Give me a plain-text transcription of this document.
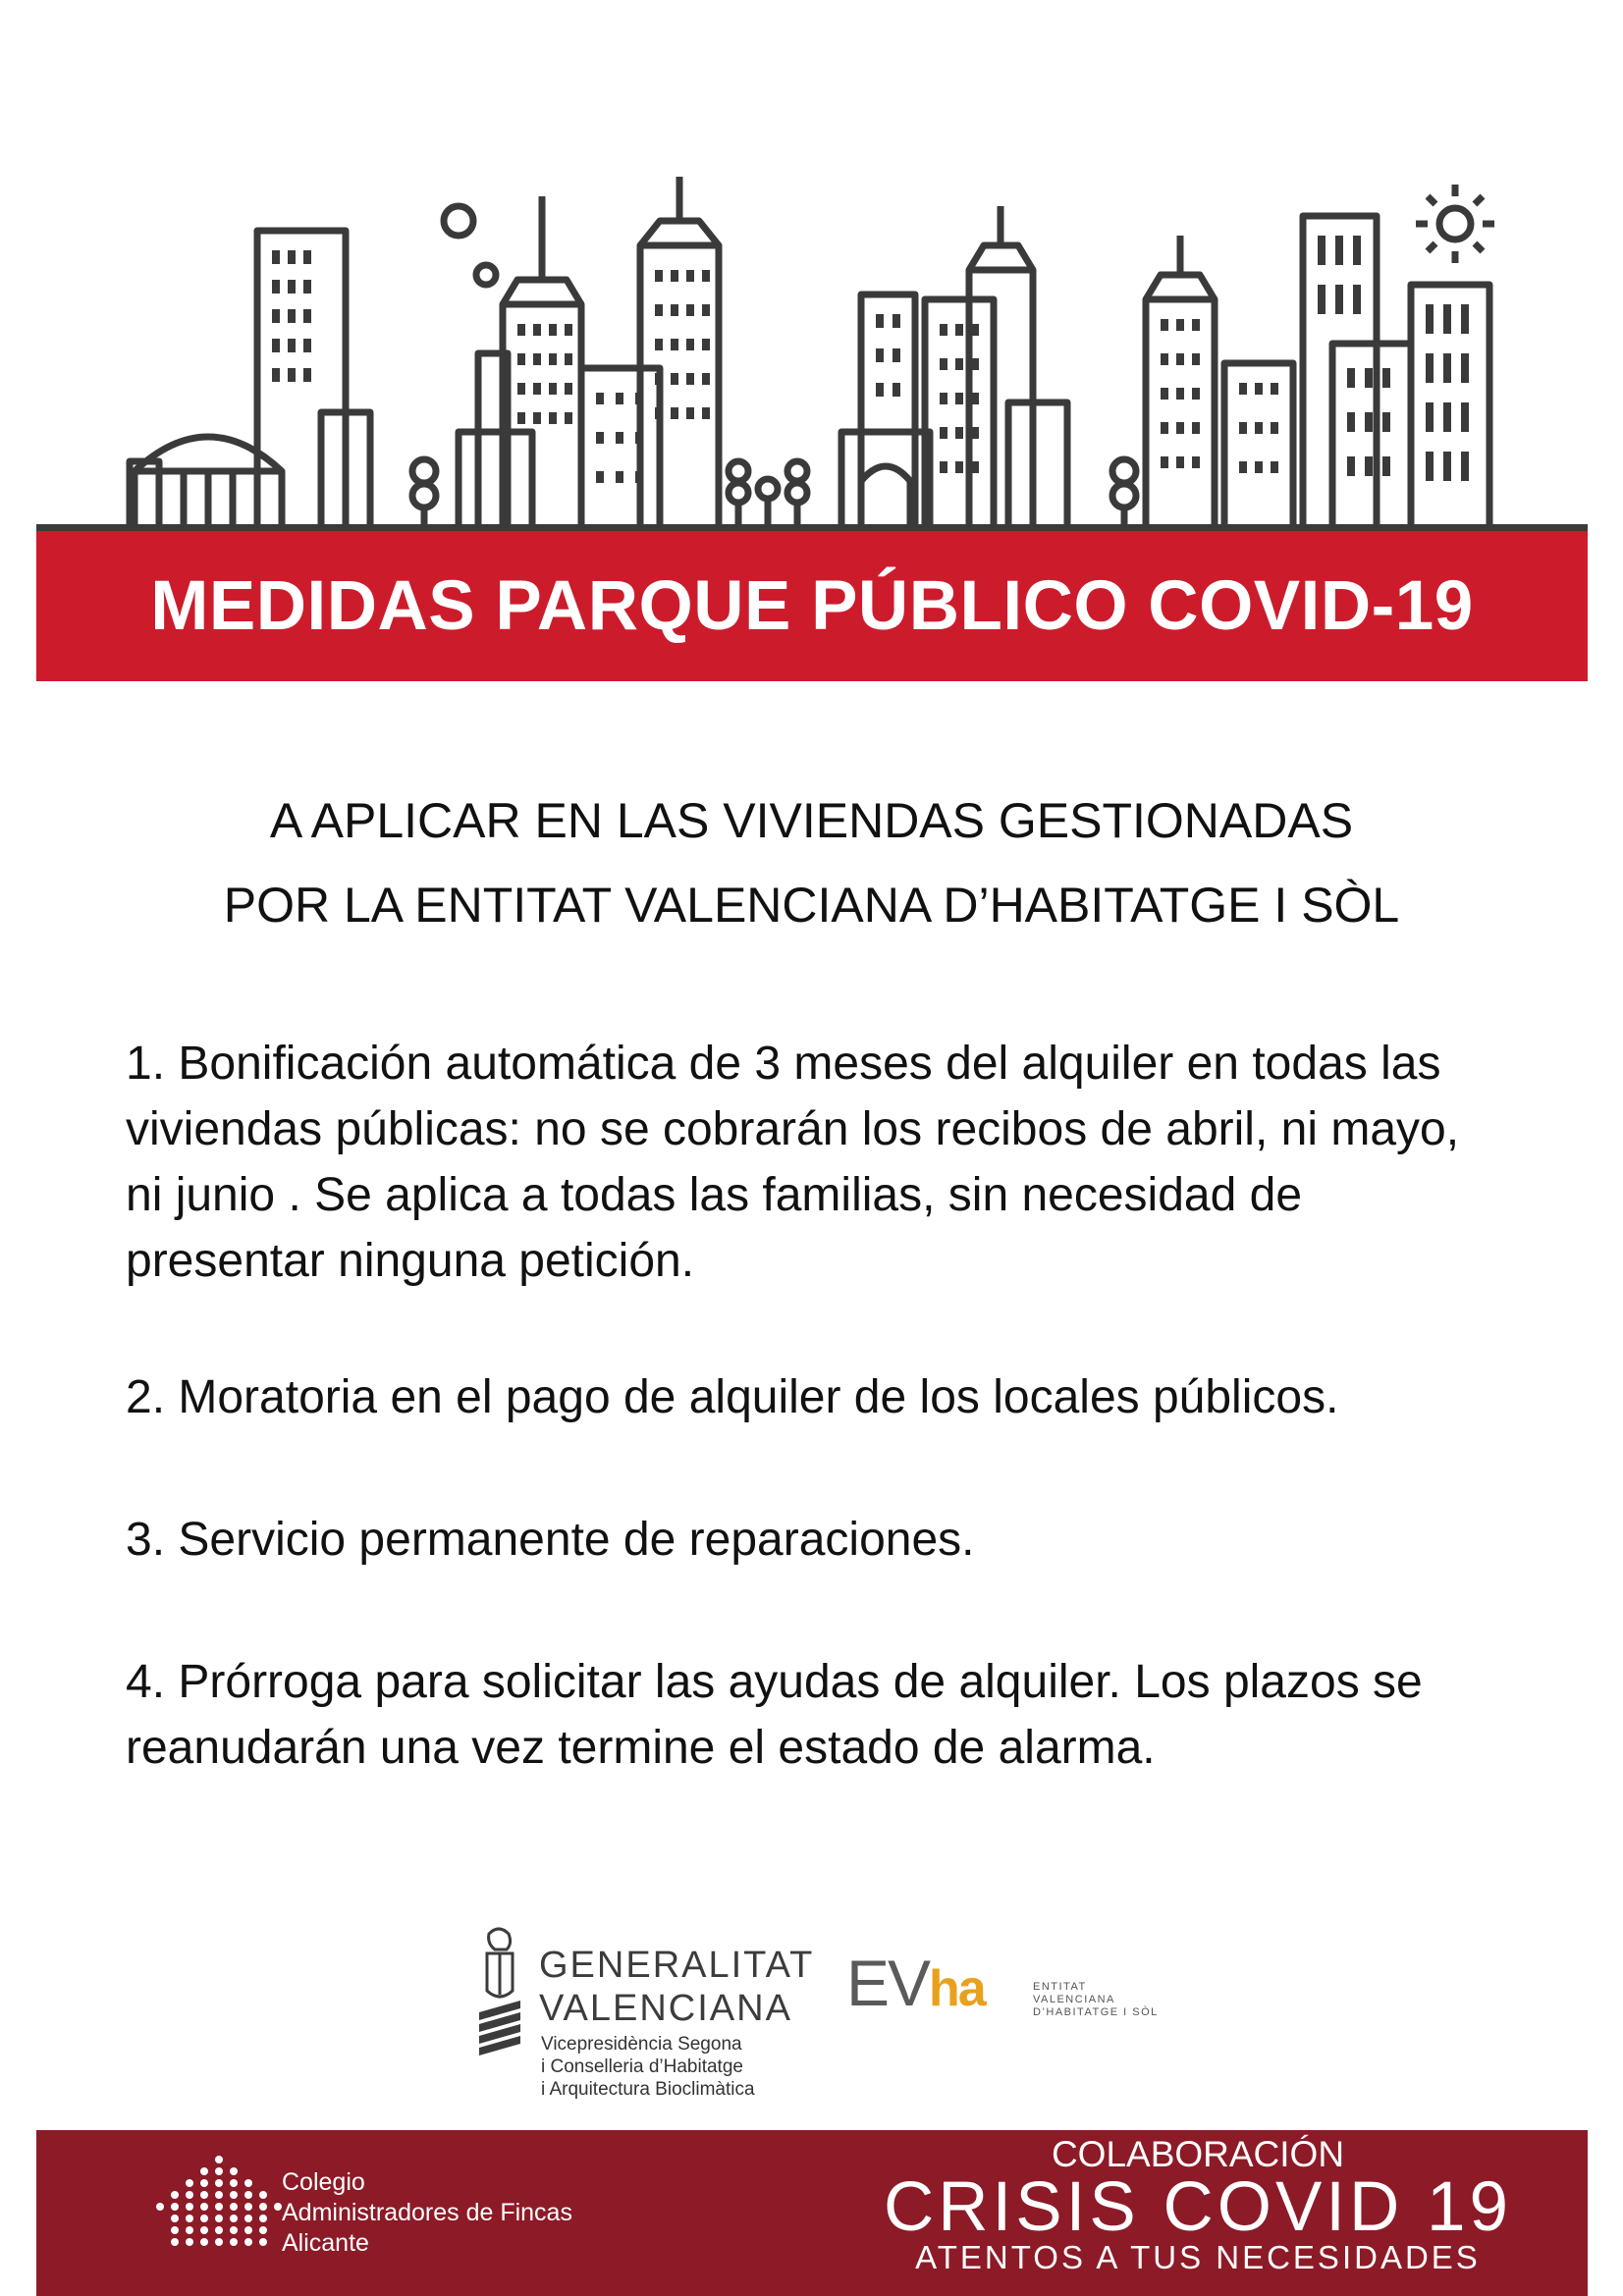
MEDIDAS PARQUE PÚBLICO COVID-19
A APLICAR EN LAS VIVIENDAS GESTIONADAS
POR LA ENTITAT VALENCIANA D’HABITATGE I SÒL

1. Bonificación automática de 3 meses del alquiler en todas las viviendas públicas: no se cobrarán los recibos de abril, ni mayo, ni junio . Se aplica a todas las familias, sin necesidad de presentar ninguna petición.

2. Moratoria en el pago de alquiler de los locales públicos.

3. Servicio permanente de reparaciones.

4. Prórroga para solicitar las ayudas de alquiler. Los plazos se reanudarán una vez termine el estado de alarma.

GENERALITAT
VALENCIANA
Vicepresidència Segona
i Conselleria d’Habitatge
i Arquitectura Bioclimàtica
EVha	ENTITAT
VALENCIANA
D’HABITATGE I SÒL
Colegio
Administradores de Fincas
Alicante
COLABORACIÓN
CRISIS COVID 19
ATENTOS A TUS NECESIDADES
